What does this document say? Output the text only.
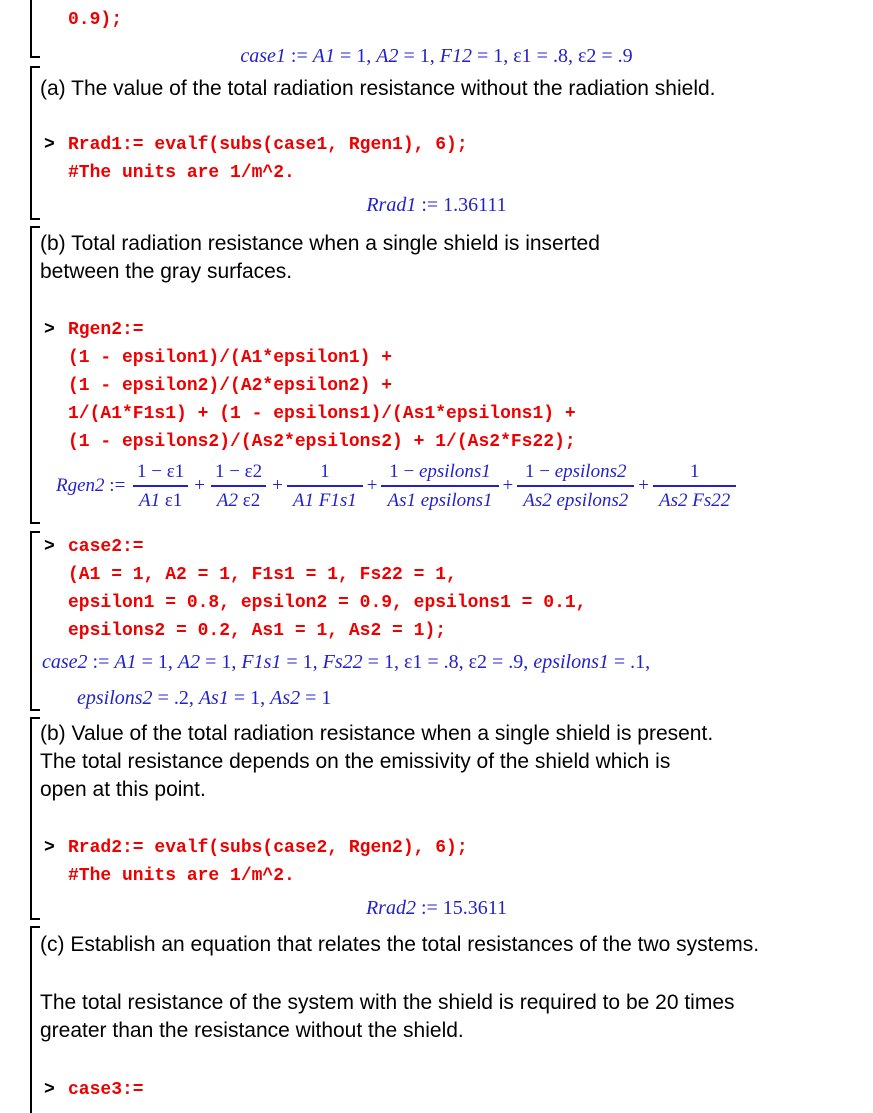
0.9);
case1 := A1 = 1, A2 = 1, F12 = 1, ε1 = .8, ε2 = .9
(a) The value of the total radiation resistance without the radiation shield.
> Rrad1:= evalf(subs(case1, Rgen1), 6);
#The units are 1/m^2.
Rrad1 := 1.36111
(b) Total radiation resistance when a single shield is inserted
between the gray surfaces.
> Rgen2:=
(1 - epsilon1)/(A1*epsilon1) +
(1 - epsilon2)/(A2*epsilon2) +
1/(A1*F1s1) + (1 - epsilons1)/(As1*epsilons1) +
(1 - epsilons2)/(As2*epsilons2) + 1/(As2*Fs22);
Rgen2 := $\frac{1 - \varepsilon 1}{A1 \varepsilon 1} + \frac{1 - \varepsilon 2}{A2 \varepsilon 2} + \frac{1}{A1 F1s1} + \frac{\text{1 − epsilons1}}{\text{As1 epsilons1}} + \frac{\text{1 − epsilons2}}{\text{As2 epsilons2}} + \frac{1}{As2 Fs22}$
> case2:=
(A1 = 1, A2 = 1, F1s1 = 1, Fs22 = 1,
epsilon1 = 0.8, epsilon2 = 0.9, epsilons1 = 0.1,
epsilons2 = 0.2, As1 = 1, As2 = 1);
case2 := A1 = 1, A2 = 1, F1s1 = 1, Fs22 = 1, ε1 = .8, ε2 = .9, epsilons1 = .1,
epsilons2 = .2, As1 = 1, As2 = 1
(b) Value of the total radiation resistance when a single shield is present.
The total resistance depends on the emissivity of the shield which is
open at this point.
> Rrad2:= evalf(subs(case2, Rgen2), 6);
#The units are 1/m^2.
Rrad2 := 15.3611
(c) Establish an equation that relates the total resistances of the two systems.
The total resistance of the system with the shield is required to be 20 times
greater than the resistance without the shield.
> case3:=
